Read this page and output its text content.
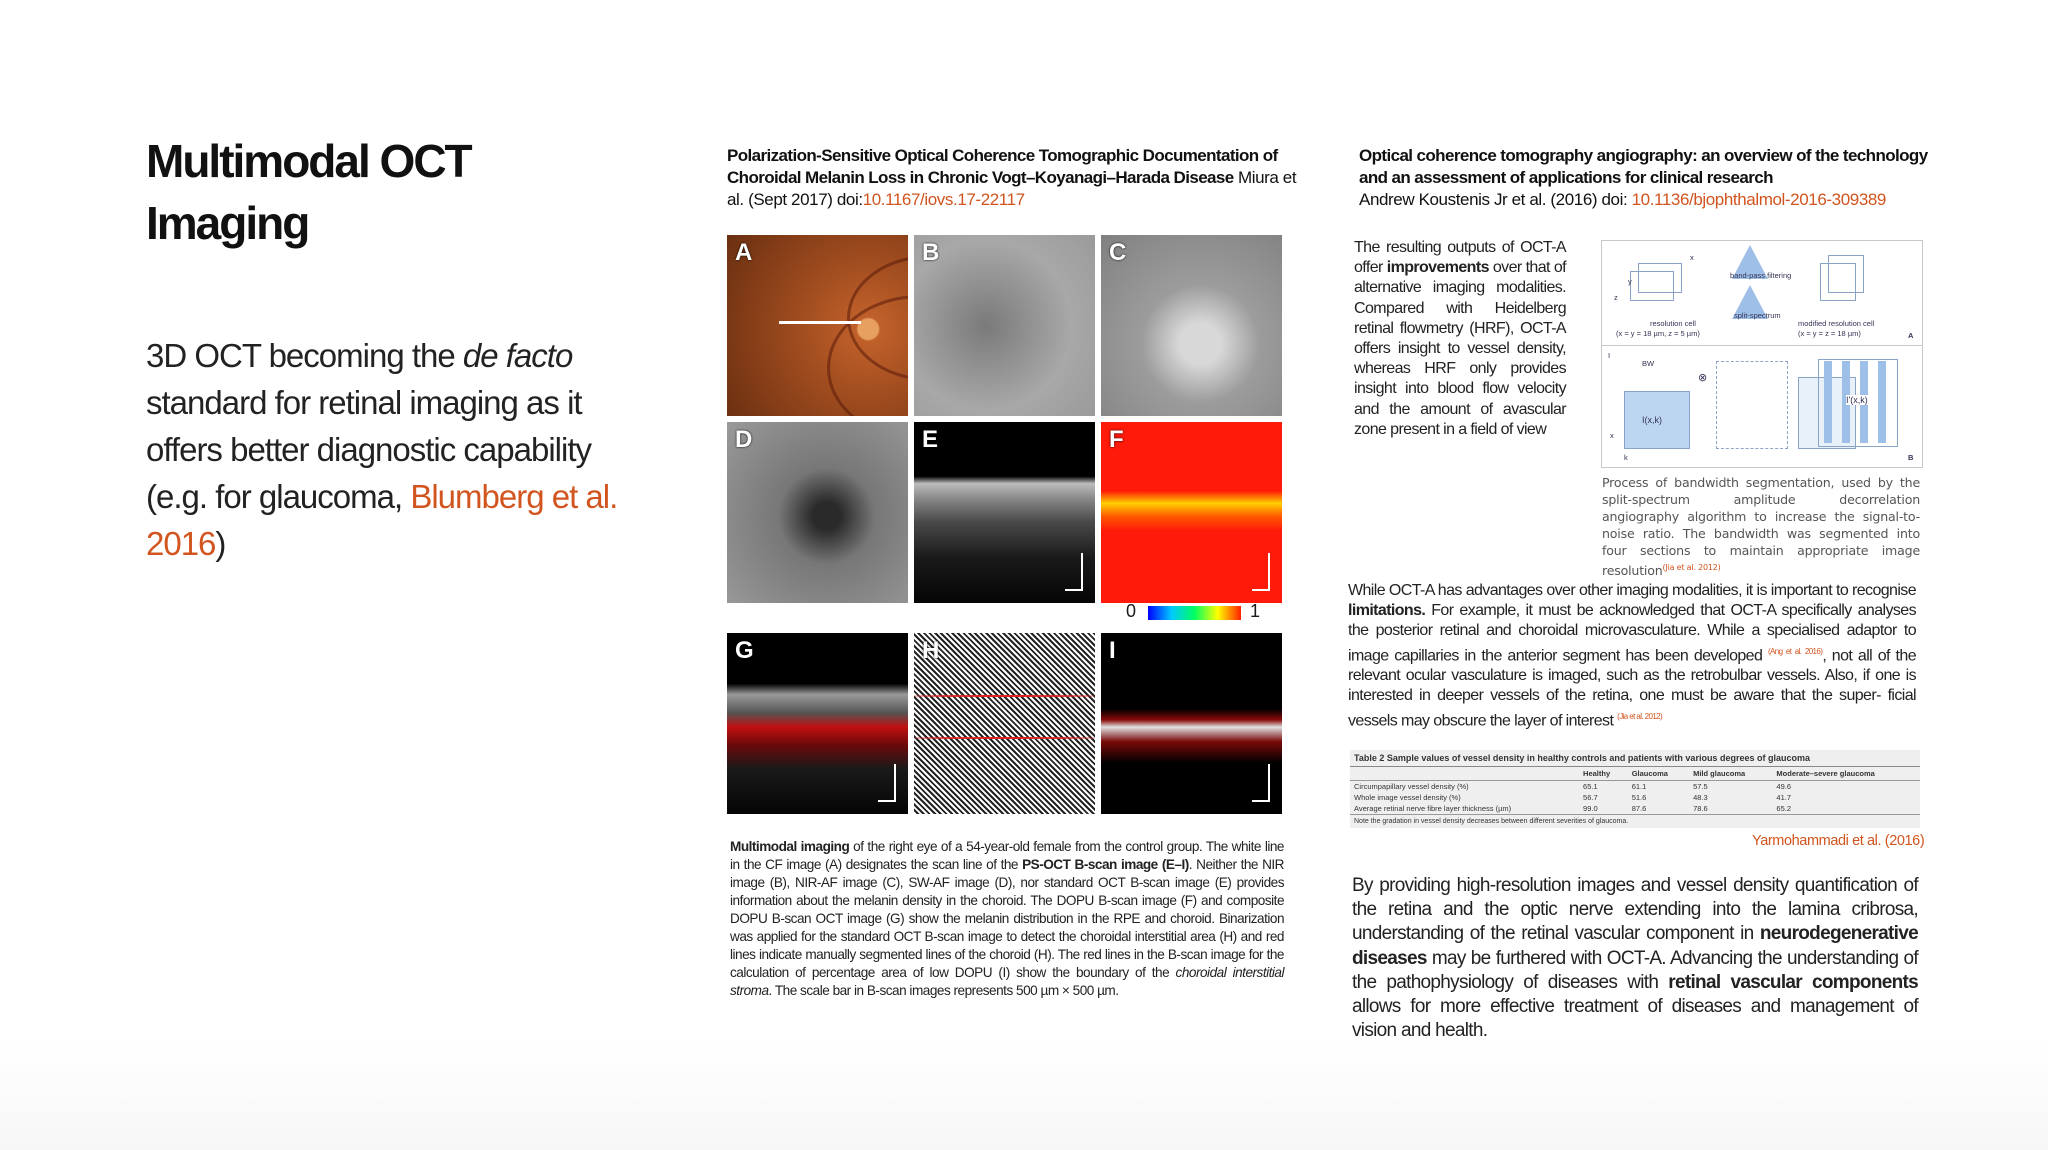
Multimodal OCT Imaging
3D OCT becoming the de facto standard for retinal imaging as it offers better diagnostic capability (e.g. for glaucoma, Blumberg et al. 2016)
Polarization-Sensitive Optical Coherence Tomographic Documentation of Choroidal Melanin Loss in Chronic Vogt–Koyanagi–Harada Disease Miura et al. (Sept 2017) doi:10.1167/iovs.17-22117
A	B	C
D	E	F
G	H	I
0	1
Multimodal imaging of the right eye of a 54-year-old female from the control group. The white line in the CF image (A) designates the scan line of the PS-OCT B-scan image (E–I). Neither the NIR image (B), NIR-AF image (C), SW-AF image (D), nor standard OCT B-scan image (E) provides information about the melanin density in the choroid. The DOPU B-scan image (F) and composite DOPU B-scan OCT image (G) show the melanin distribution in the RPE and choroid. Binarization was applied for the standard OCT B-scan image to detect the choroidal interstitial area (H) and red lines indicate manually segmented lines of the choroid (H). The red lines in the B-scan image for the calculation of percentage area of low DOPU (I) show the boundary of the choroidal interstitial stroma. The scale bar in B-scan images represents 500 µm × 500 µm.
Optical coherence tomography angiography: an overview of the technology and an assessment of applications for clinical research
Andrew Koustenis Jr et al. (2016) doi: 10.1136/bjophthalmol-2016-309389
The resulting outputs of OCT-A offer improvements over that of alternative imaging modalities. Compared with Heidelberg retinal flowmetry (HRF), OCT-A offers insight to vessel density, whereas HRF only provides insight into blood flow velocity and the amount of avascular zone present in a field of view
x
y
z
resolution cell
(x = y = 18 µm, z = 5 µm)
band-pass filtering
split-spectrum
modified resolution cell
(x = y = z = 18 µm)	A
I
x
k
BW
I(x,k)
⊗
I'(x,k)
B
Process of bandwidth segmentation, used by the split-spectrum amplitude decorrelation angiography algorithm to increase the signal-to-noise ratio. The bandwidth was segmented into four sections to maintain appropriate image resolution$^{(Jia et al. 2012)}$
While OCT-A has advantages over other imaging modalities, it is important to recognise limitations. For example, it must be acknowledged that OCT-A specifically analyses the posterior retinal and choroidal microvasculature. While a specialised adaptor to image capillaries in the anterior segment has been developed $^{(Ang et al. 2016)}$, not all of the relevant ocular vasculature is imaged, such as the retrobulbar vessels. Also, if one is interested in deeper vessels of the retina, one must be aware that the super- ficial vessels may obscure the layer of interest $^{(Jia et al. 2012)}$
Table 2 Sample values of vessel density in healthy controls and patients with various degrees of glaucoma
	Healthy	Glaucoma	Mild glaucoma	Moderate–severe glaucoma
Circumpapillary vessel density (%)	65.1	61.1	57.5	49.6
Whole image vessel density (%)	56.7	51.6	48.3	41.7
Average retinal nerve fibre layer thickness (µm)	99.0	87.6	78.6	65.2
Note the gradation in vessel density decreases between different severities of glaucoma.
Yarmohammadi et al. (2016)
By providing high-resolution images and vessel density quantification of the retina and the optic nerve extending into the lamina cribrosa, understanding of the retinal vascular component in neurodegenerative diseases may be furthered with OCT-A. Advancing the understanding of the pathophysiology of diseases with retinal vascular components allows for more effective treatment of diseases and management of vision and health.
